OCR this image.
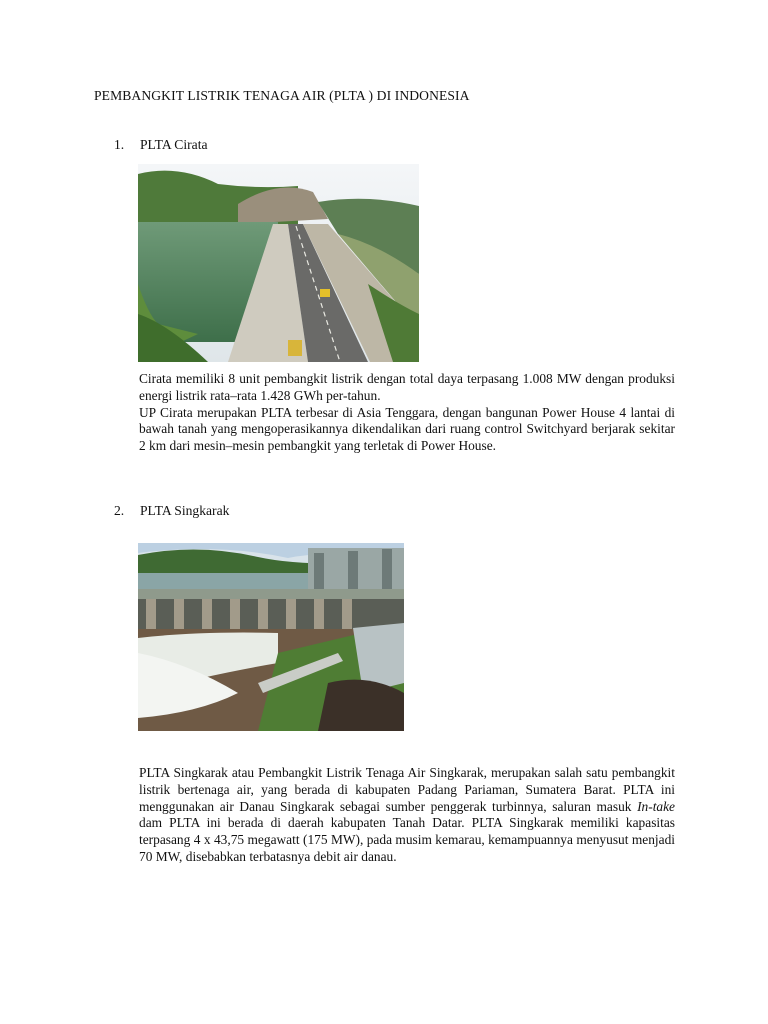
PEMBANGKIT LISTRIK TENAGA AIR (PLTA ) DI INDONESIA
1. PLTA Cirata

Cirata memiliki 8 unit pembangkit listrik dengan total daya terpasang 1.008 MW dengan produksi energi listrik rata–rata 1.428 GWh per-tahun.

UP Cirata merupakan PLTA terbesar di Asia Tenggara, dengan bangunan Power House 4 lantai di bawah tanah yang mengoperasikannya dikendalikan dari ruang control Switchyard berjarak sekitar 2 km dari mesin–mesin pembangkit yang terletak di Power House.

2. PLTA Singkarak

PLTA Singkarak atau Pembangkit Listrik Tenaga Air Singkarak, merupakan salah satu pembangkit listrik bertenaga air, yang berada di kabupaten Padang Pariaman, Sumatera Barat. PLTA ini menggunakan air Danau Singkarak sebagai sumber penggerak turbinnya, saluran masuk In-take dam PLTA ini berada di daerah kabupaten Tanah Datar. PLTA Singkarak memiliki kapasitas terpasang 4 x 43,75 megawatt (175 MW), pada musim kemarau, kemampuannya menyusut menjadi 70 MW, disebabkan terbatasnya debit air danau.
